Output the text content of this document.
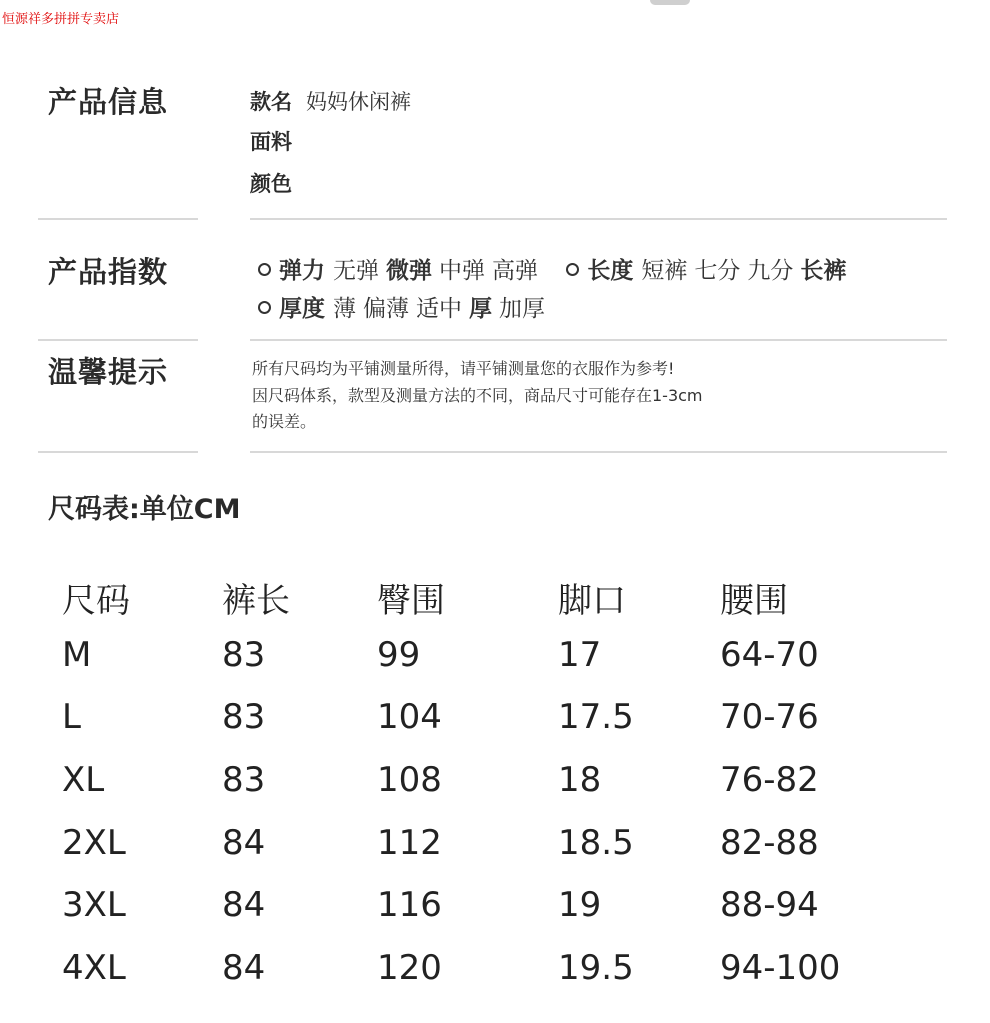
恒源祥多拼拼专卖店
产品信息	款名 妈妈休闲裤
面料
颜色
产品指数	弹力 无弹 微弹 中弹 高弹 长度 短裤 七分 九分 长裤
厚度 薄 偏薄 适中 厚 加厚
温馨提示	所有尺码均为平铺测量所得，请平铺测量您的衣服作为参考!
因尺码体系，款型及测量方法的不同，商品尺寸可能存在1-3cm
的误差。
尺码表:单位CM
尺码	裤长	臀围	脚口	腰围
M	83	99	17	64-70
L	83	104	17.5	70-76
XL	83	108	18	76-82
2XL	84	112	18.5	82-88
3XL	84	116	19	88-94
4XL	84	120	19.5	94-100
